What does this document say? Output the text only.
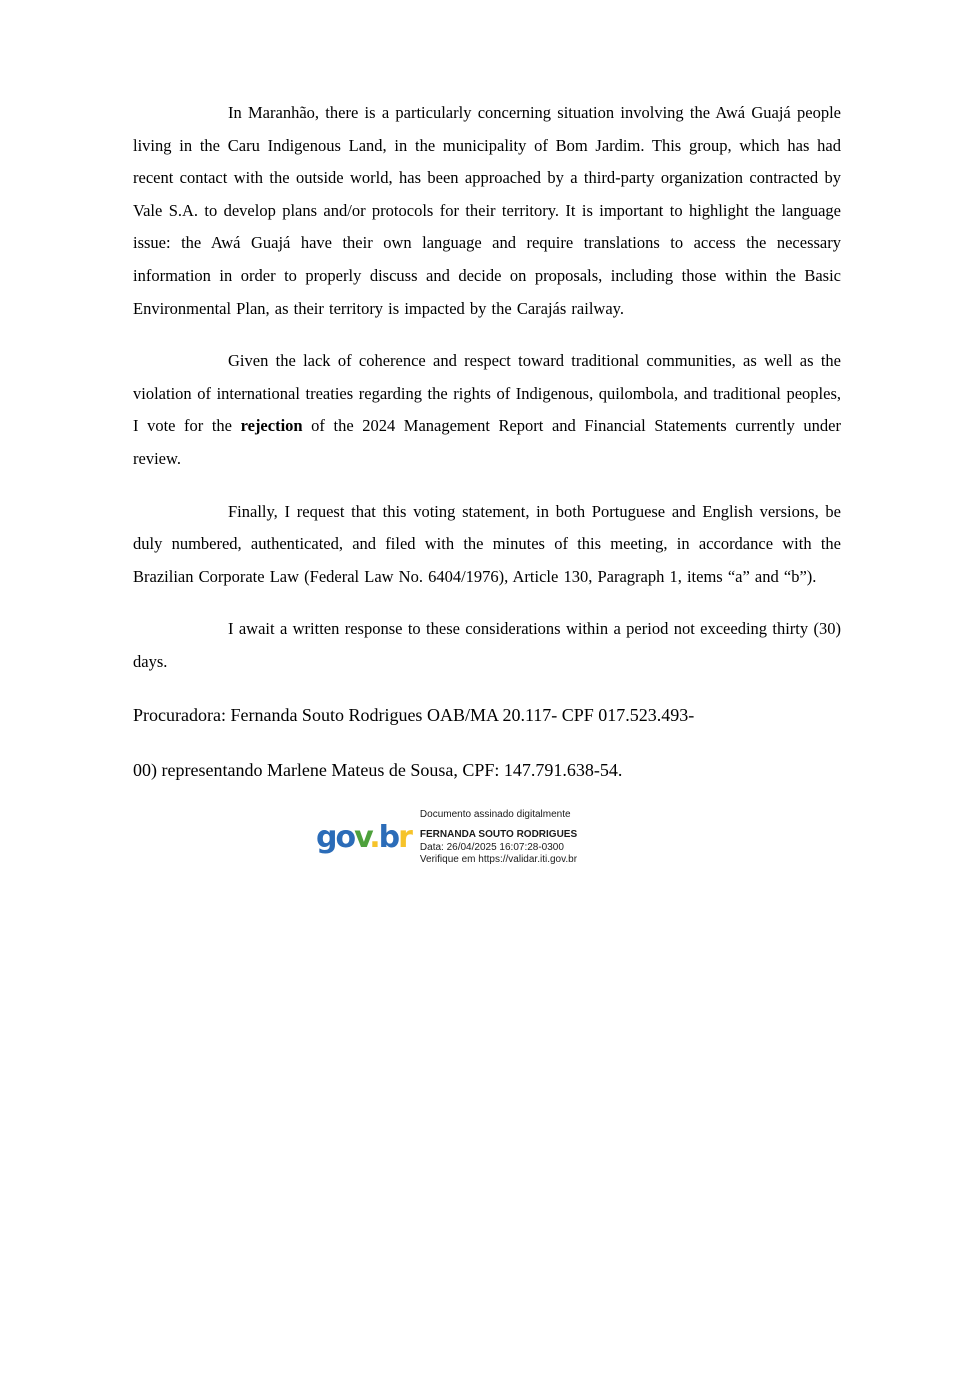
In Maranhão, there is a particularly concerning situation involving the Awá Guajá people living in the Caru Indigenous Land, in the municipality of Bom Jardim. This group, which has had recent contact with the outside world, has been approached by a third-party organization contracted by Vale S.A. to develop plans and/or protocols for their territory. It is important to highlight the language issue: the Awá Guajá have their own language and require translations to access the necessary information in order to properly discuss and decide on proposals, including those within the Basic Environmental Plan, as their territory is impacted by the Carajás railway.

Given the lack of coherence and respect toward traditional communities, as well as the violation of international treaties regarding the rights of Indigenous, quilombola, and traditional peoples, I vote for the rejection of the 2024 Management Report and Financial Statements currently under review.

Finally, I request that this voting statement, in both Portuguese and English versions, be duly numbered, authenticated, and filed with the minutes of this meeting, in accordance with the Brazilian Corporate Law (Federal Law No. 6404/1976), Article 130, Paragraph 1, items “a” and “b”).

I await a written response to these considerations within a period not exceeding thirty (30) days.

Procuradora: Fernanda Souto Rodrigues OAB/MA 20.117- CPF 017.523.493-

00) representando Marlene Mateus de Sousa, CPF: 147.791.638-54.

gov.br
Documento assinado digitalmente
FERNANDA SOUTO RODRIGUES
Data: 26/04/2025 16:07:28-0300
Verifique em https://validar.iti.gov.br
